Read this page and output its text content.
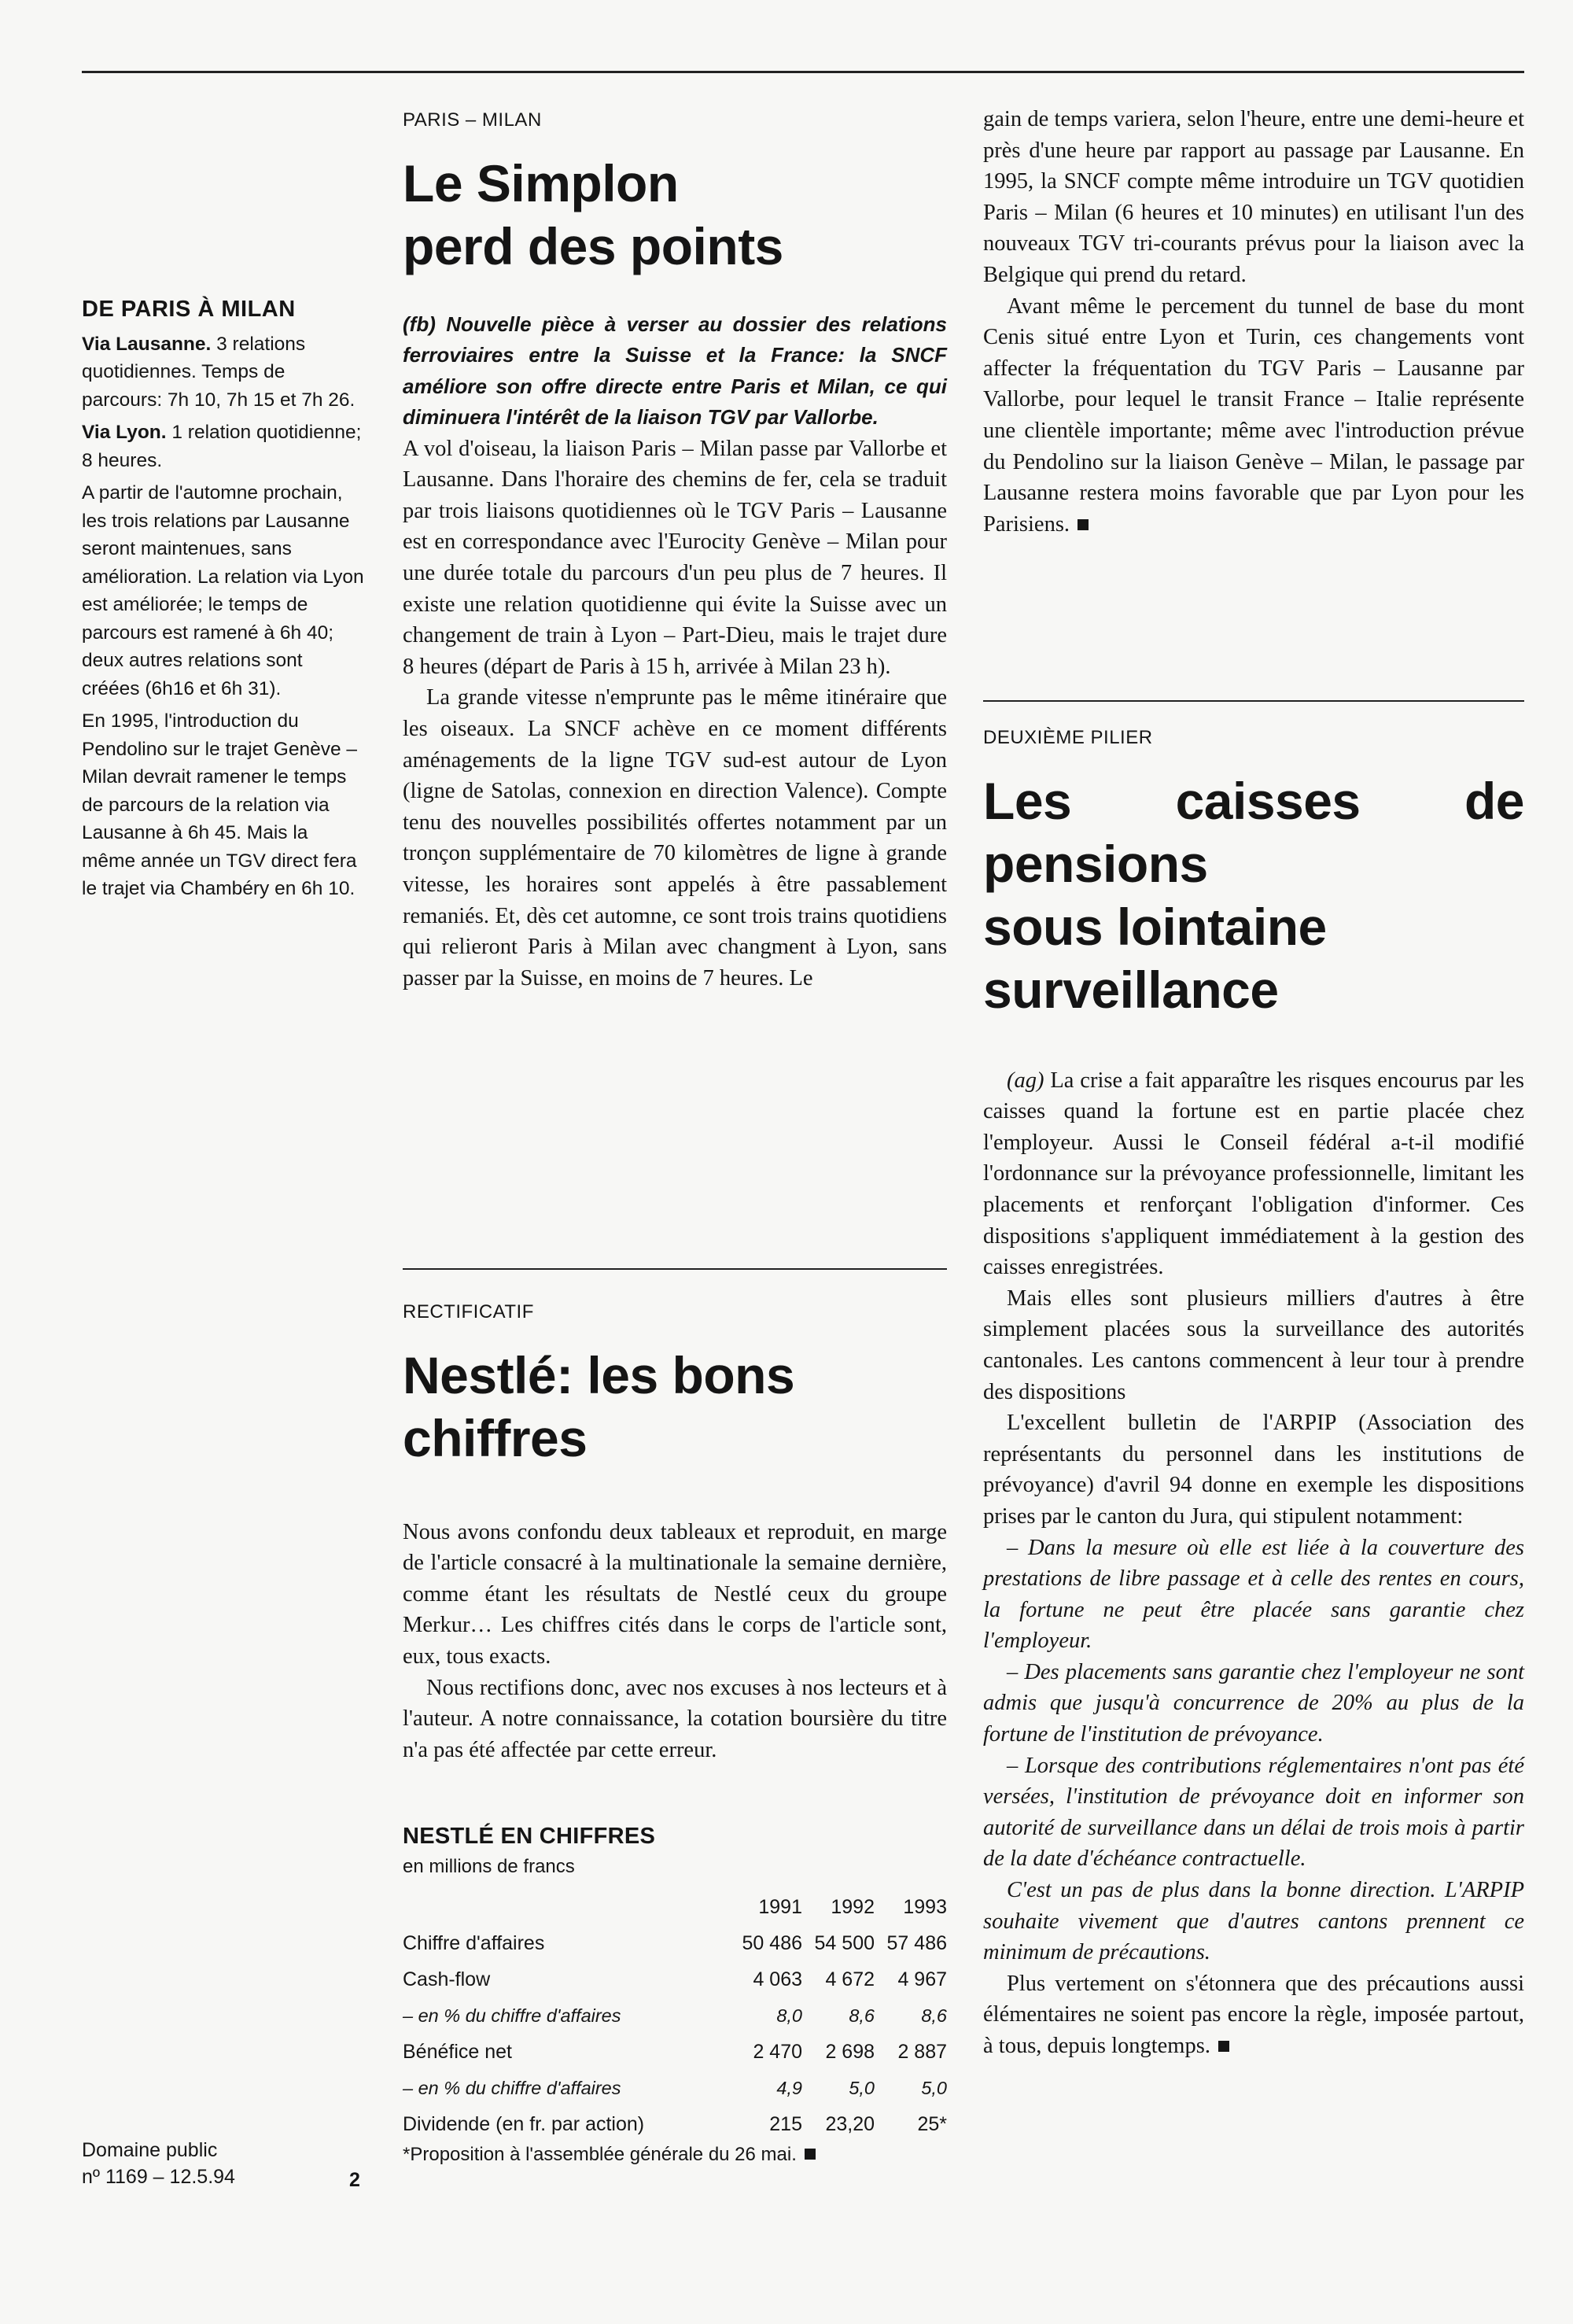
DE PARIS À MILAN

Via Lausanne. 3 relations quotidiennes. Temps de parcours: 7h 10, 7h 15 et 7h 26.

Via Lyon. 1 relation quotidienne; 8 heures.

A partir de l'automne prochain, les trois relations par Lausanne seront maintenues, sans amélioration. La relation via Lyon est améliorée; le temps de parcours est ramené à 6h 40; deux autres relations sont créées (6h16 et 6h 31).

En 1995, l'introduction du Pendolino sur le trajet Genève – Milan devrait ramener le temps de parcours de la relation via Lausanne à 6h 45. Mais la même année un TGV direct fera le trajet via Chambéry en 6h 10.

Domaine public
nº 1169 – 12.5.94	2

PARIS – MILAN

Le Simplon
perd des points

(fb) Nouvelle pièce à verser au dossier des relations ferroviaires entre la Suisse et la France: la SNCF améliore son offre directe entre Paris et Milan, ce qui diminuera l'intérêt de la liaison TGV par Vallorbe.

A vol d'oiseau, la liaison Paris – Milan passe par Vallorbe et Lausanne. Dans l'horaire des chemins de fer, cela se traduit par trois liaisons quotidiennes où le TGV Paris – Lausanne est en correspondance avec l'Eurocity Genève – Milan pour une durée totale du parcours d'un peu plus de 7 heures. Il existe une relation quotidienne qui évite la Suisse avec un changement de train à Lyon – Part-Dieu, mais le trajet dure 8 heures (départ de Paris à 15 h, arrivée à Milan 23 h).

La grande vitesse n'emprunte pas le même itinéraire que les oiseaux. La SNCF achève en ce moment différents aménagements de la ligne TGV sud-est autour de Lyon (ligne de Satolas, connexion en direction Valence). Compte tenu des nouvelles possibilités offertes notamment par un tronçon supplémentaire de 70 kilomètres de ligne à grande vitesse, les horaires sont appelés à être passablement remaniés. Et, dès cet automne, ce sont trois trains quotidiens qui relieront Paris à Milan avec changment à Lyon, sans passer par la Suisse, en moins de 7 heures. Le

gain de temps variera, selon l'heure, entre une demi-heure et près d'une heure par rapport au passage par Lausanne. En 1995, la SNCF compte même introduire un TGV quotidien Paris – Milan (6 heures et 10 minutes) en utilisant l'un des nouveaux TGV tri-courants prévus pour la liaison avec la Belgique qui prend du retard.

Avant même le percement du tunnel de base du mont Cenis situé entre Lyon et Turin, ces changements vont affecter la fréquentation du TGV Paris – Lausanne par Vallorbe, pour lequel le transit France – Italie représente une clientèle importante; même avec l'introduction prévue du Pendolino sur la liaison Genève – Milan, le passage par Lausanne restera moins favorable que par Lyon pour les Parisiens.

RECTIFICATIF

Nestlé: les bons
chiffres

Nous avons confondu deux tableaux et reproduit, en marge de l'article consacré à la multinationale la semaine dernière, comme étant les résultats de Nestlé ceux du groupe Merkur… Les chiffres cités dans le corps de l'article sont, eux, tous exacts.

Nous rectifions donc, avec nos excuses à nos lecteurs et à l'auteur. A notre connaissance, la cotation boursière du titre n'a pas été affectée par cette erreur.

NESTLÉ EN CHIFFRES
en millions de francs
	1991	1992	1993
Chiffre d'affaires	50 486	54 500	57 486
Cash-flow	4 063	4 672	4 967
– en % du chiffre d'affaires	8,0	8,6	8,6
Bénéfice net	2 470	2 698	2 887
– en % du chiffre d'affaires	4,9	5,0	5,0
Dividende (en fr. par action)	215	23,20	25*
*Proposition à l'assemblée générale du 26 mai.

DEUXIÈME PILIER

Les caisses de pensions
sous lointaine
surveillance

(ag) La crise a fait apparaître les risques encourus par les caisses quand la fortune est en partie placée chez l'employeur. Aussi le Conseil fédéral a-t-il modifié l'ordonnance sur la prévoyance professionnelle, limitant les placements et renforçant l'obligation d'informer. Ces dispositions s'appliquent immédiatement à la gestion des caisses enregistrées.

Mais elles sont plusieurs milliers d'autres à être simplement placées sous la surveillance des autorités cantonales. Les cantons commencent à leur tour à prendre des dispositions

L'excellent bulletin de l'ARPIP (Association des représentants du personnel dans les institutions de prévoyance) d'avril 94 donne en exemple les dispositions prises par le canton du Jura, qui stipulent notamment:

– Dans la mesure où elle est liée à la couverture des prestations de libre passage et à celle des rentes en cours, la fortune ne peut être placée sans garantie chez l'employeur.

– Des placements sans garantie chez l'employeur ne sont admis que jusqu'à concurrence de 20% au plus de la fortune de l'institution de prévoyance.

– Lorsque des contributions réglementaires n'ont pas été versées, l'institution de prévoyance doit en informer son autorité de surveillance dans un délai de trois mois à partir de la date d'échéance contractuelle.

C'est un pas de plus dans la bonne direction. L'ARPIP souhaite vivement que d'autres cantons prennent ce minimum de précautions.

Plus vertement on s'étonnera que des précautions aussi élémentaires ne soient pas encore la règle, imposée partout, à tous, depuis longtemps.
